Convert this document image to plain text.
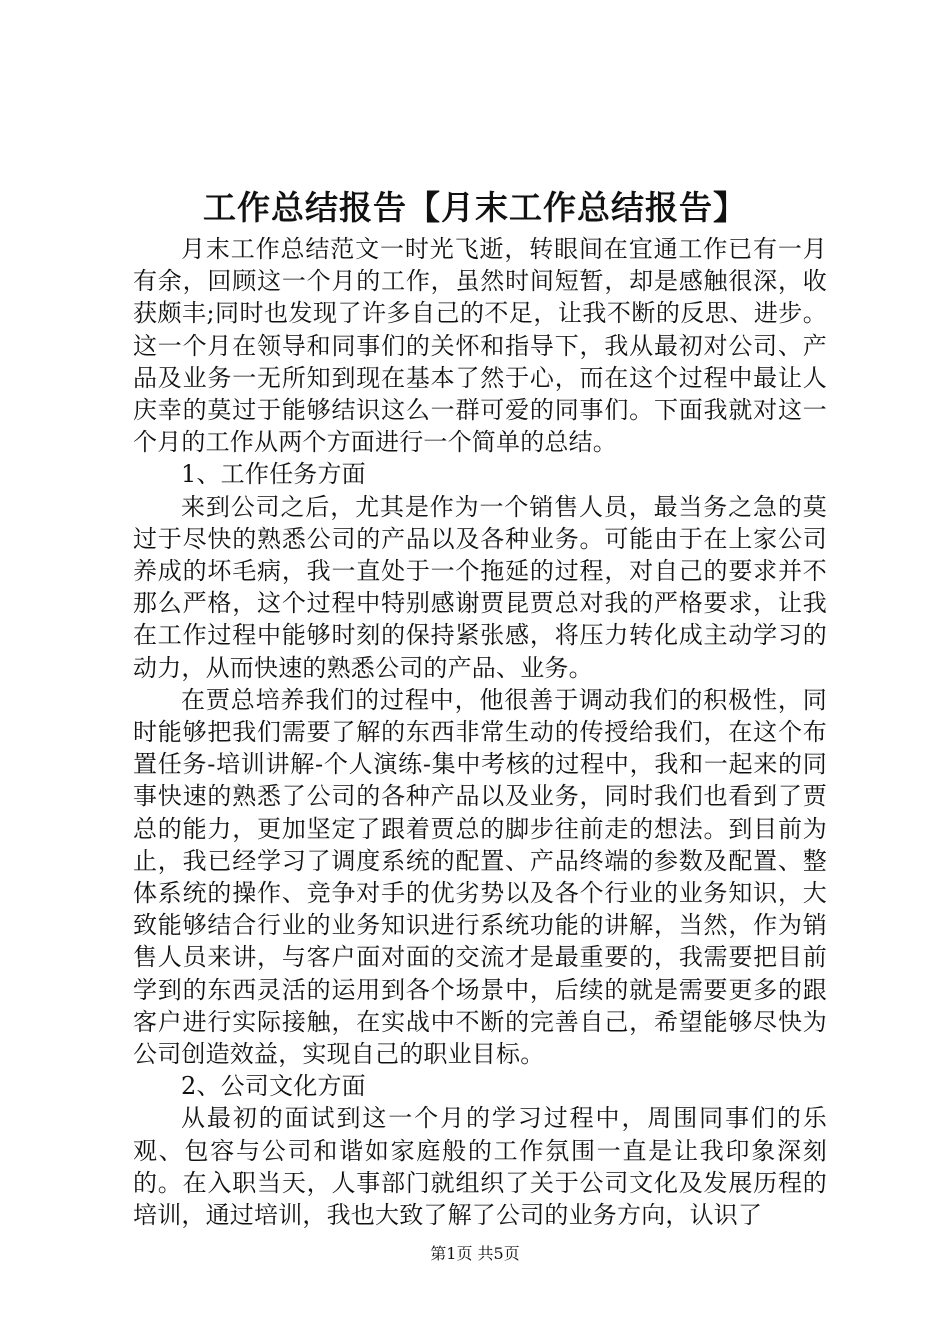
工作总结报告【月末工作总结报告】

月末工作总结范文一时光飞逝，转眼间在宜通工作已有一月有余，回顾这一个月的工作，虽然时间短暂，却是感触很深，收获颇丰;同时也发现了许多自己的不足，让我不断的反思、进步。这一个月在领导和同事们的关怀和指导下，我从最初对公司、产品及业务一无所知到现在基本了然于心，而在这个过程中最让人庆幸的莫过于能够结识这么一群可爱的同事们。下面我就对这一个月的工作从两个方面进行一个简单的总结。

1、工作任务方面

来到公司之后，尤其是作为一个销售人员，最当务之急的莫过于尽快的熟悉公司的产品以及各种业务。可能由于在上家公司养成的坏毛病，我一直处于一个拖延的过程，对自己的要求并不那么严格，这个过程中特别感谢贾昆贾总对我的严格要求，让我在工作过程中能够时刻的保持紧张感，将压力转化成主动学习的动力，从而快速的熟悉公司的产品、业务。

在贾总培养我们的过程中，他很善于调动我们的积极性，同时能够把我们需要了解的东西非常生动的传授给我们，在这个布置任务-培训讲解-个人演练-集中考核的过程中，我和一起来的同事快速的熟悉了公司的各种产品以及业务，同时我们也看到了贾总的能力，更加坚定了跟着贾总的脚步往前走的想法。到目前为止，我已经学习了调度系统的配置、产品终端的参数及配置、整体系统的操作、竞争对手的优劣势以及各个行业的业务知识，大致能够结合行业的业务知识进行系统功能的讲解，当然，作为销售人员来讲，与客户面对面的交流才是最重要的，我需要把目前学到的东西灵活的运用到各个场景中，后续的就是需要更多的跟客户进行实际接触，在实战中不断的完善自己，希望能够尽快为公司创造效益，实现自己的职业目标。

2、公司文化方面

从最初的面试到这一个月的学习过程中，周围同事们的乐观、包容与公司和谐如家庭般的工作氛围一直是让我印象深刻的。在入职当天，人事部门就组织了关于公司文化及发展历程的培训，通过培训，我也大致了解了公司的业务方向，认识了

第1页 共5页
